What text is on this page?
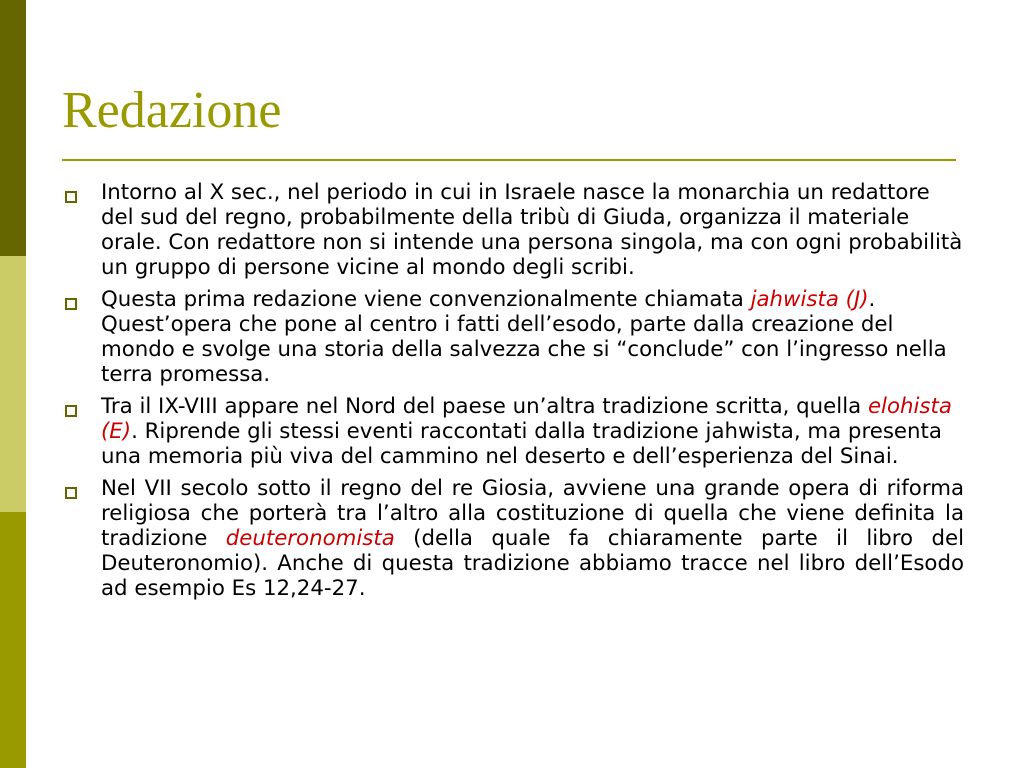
Redazione
Intorno al X sec., nel periodo in cui in Israele nasce la monarchia un redattore del sud del regno, probabilmente della tribù di Giuda, organizza il materiale orale. Con redattore non si intende una persona singola, ma con ogni probabilità un gruppo di persone vicine al mondo degli scribi.
Questa prima redazione viene convenzionalmente chiamata jahwista (J). Quest’opera che pone al centro i fatti dell’esodo, parte dalla creazione del mondo e svolge una storia della salvezza che si “conclude” con l’ingresso nella terra promessa.
Tra il IX-VIII appare nel Nord del paese un’altra tradizione scritta, quella elohista (E). Riprende gli stessi eventi raccontati dalla tradizione jahwista, ma presenta una memoria più viva del cammino nel deserto e dell’esperienza del Sinai.
Nel VII secolo sotto il regno del re Giosia, avviene una grande opera di riforma religiosa che porterà tra l’altro alla costituzione di quella che viene definita la tradizione deuteronomista (della quale fa chiaramente parte il libro del Deuteronomio). Anche di questa tradizione abbiamo tracce nel libro dell’Esodo ad esempio Es 12,24-27.
